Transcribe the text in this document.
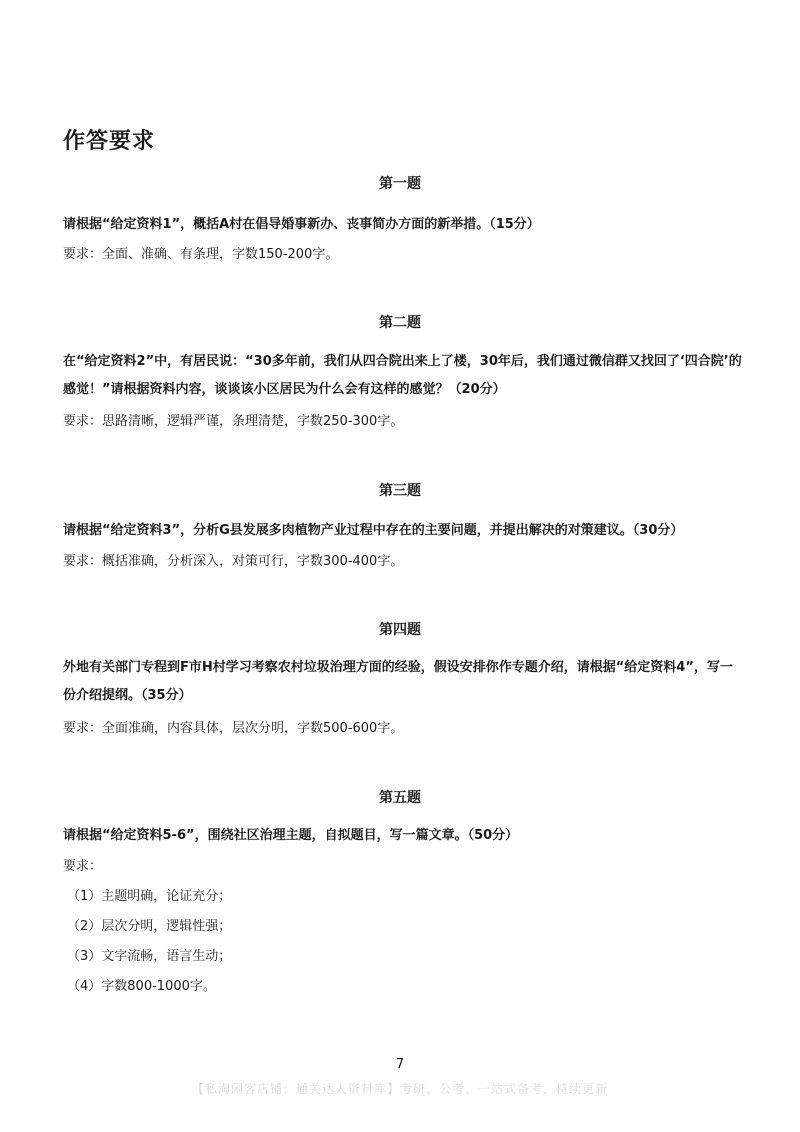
作答要求
第一题
请根据“给定资料1”，概括A村在倡导婚事新办、丧事简办方面的新举措。（15分）
要求：全面、准确、有条理，字数150-200字。
第二题
在“给定资料2”中，有居民说：“30多年前，我们从四合院出来上了楼，30年后，我们通过微信群又找回了‘四合院’的感觉！”请根据资料内容，谈谈该小区居民为什么会有这样的感觉？（20分）
要求：思路清晰，逻辑严谨，条理清楚，字数250-300字。
第三题
请根据“给定资料3”，分析G县发展多肉植物产业过程中存在的主要问题，并提出解决的对策建议。（30分）
要求：概括准确，分析深入，对策可行，字数300-400字。
第四题
外地有关部门专程到F市H村学习考察农村垃圾治理方面的经验，假设安排你作专题介绍，请根据“给定资料4”，写一份介绍提纲。（35分）
要求：全面准确，内容具体，层次分明，字数500-600字。
第五题
请根据“给定资料5-6”，围绕社区治理主题，自拟题目，写一篇文章。（50分）
要求：
（1）主题明确，论证充分；
（2）层次分明，逻辑性强；
（3）文字流畅，语言生动；
（4）字数800-1000字。
7
【私淘闲客店铺：通关达人资料库】考研、公考、一站式备考，持续更新
